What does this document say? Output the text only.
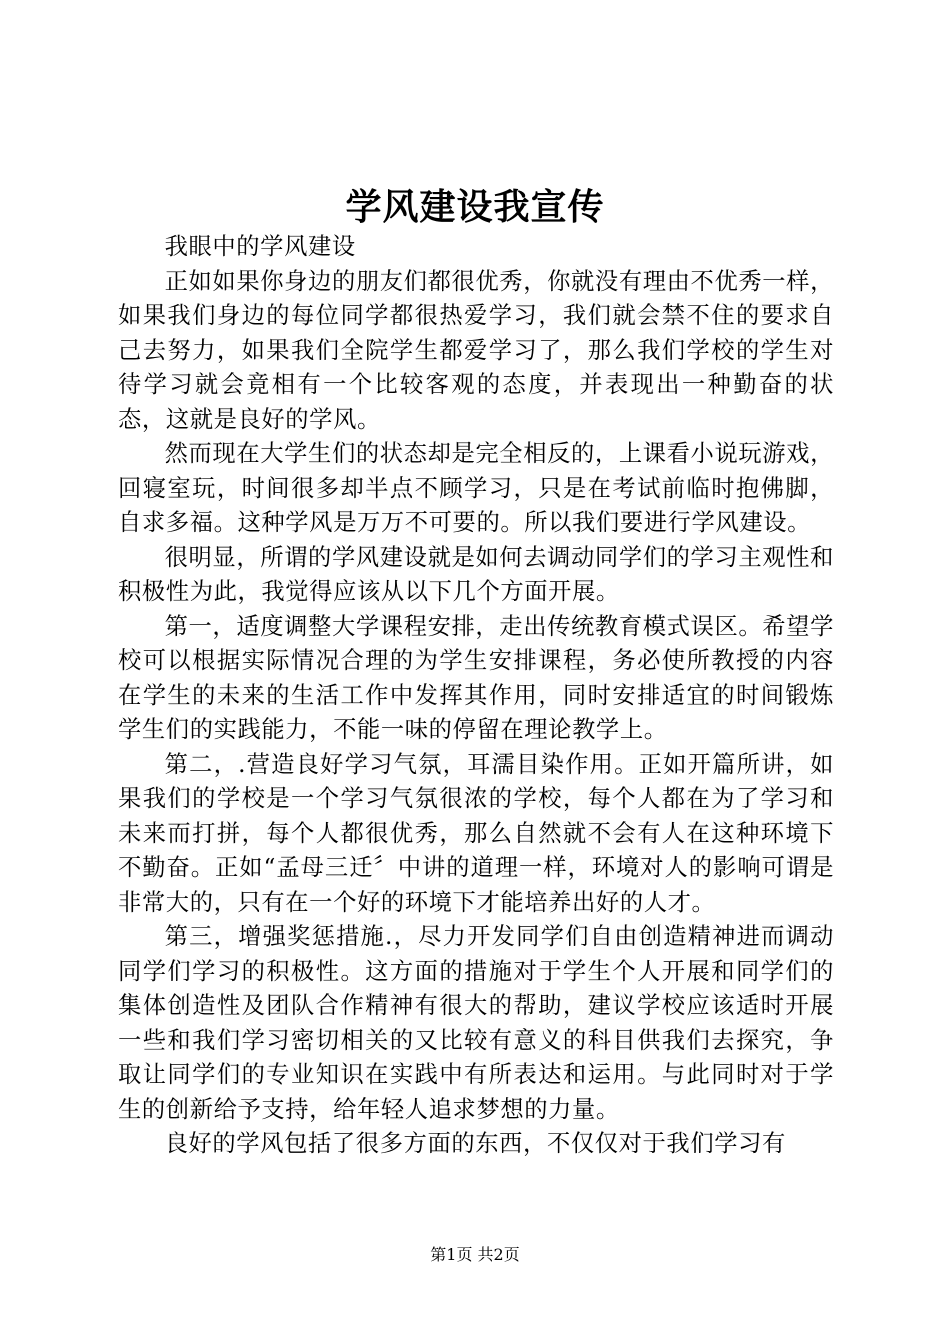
学风建设我宣传

我眼中的学风建设

正如如果你身边的朋友们都很优秀，你就没有理由不优秀一样，如果我们身边的每位同学都很热爱学习，我们就会禁不住的要求自己去努力，如果我们全院学生都爱学习了，那么我们学校的学生对待学习就会竟相有一个比较客观的态度，并表现出一种勤奋的状态，这就是良好的学风。

然而现在大学生们的状态却是完全相反的，上课看小说玩游戏，回寝室玩，时间很多却半点不顾学习，只是在考试前临时抱佛脚，自求多福。这种学风是万万不可要的。所以我们要进行学风建设。

很明显，所谓的学风建设就是如何去调动同学们的学习主观性和积极性为此，我觉得应该从以下几个方面开展。

第一，适度调整大学课程安排，走出传统教育模式误区。希望学校可以根据实际情况合理的为学生安排课程，务必使所教授的内容在学生的未来的生活工作中发挥其作用，同时安排适宜的时间锻炼学生们的实践能力，不能一味的停留在理论教学上。

第二，.营造良好学习气氛，耳濡目染作用。正如开篇所讲，如果我们的学校是一个学习气氛很浓的学校，每个人都在为了学习和未来而打拼，每个人都很优秀，那么自然就不会有人在这种环境下不勤奋。正如“孟母三迁〞中讲的道理一样，环境对人的影响可谓是非常大的，只有在一个好的环境下才能培养出好的人才。

第三，增强奖惩措施.，尽力开发同学们自由创造精神进而调动同学们学习的积极性。这方面的措施对于学生个人开展和同学们的集体创造性及团队合作精神有很大的帮助，建议学校应该适时开展一些和我们学习密切相关的又比较有意义的科目供我们去探究，争取让同学们的专业知识在实践中有所表达和运用。与此同时对于学生的创新给予支持，给年轻人追求梦想的力量。

良好的学风包括了很多方面的东西，不仅仅对于我们学习有

第1页 共2页
